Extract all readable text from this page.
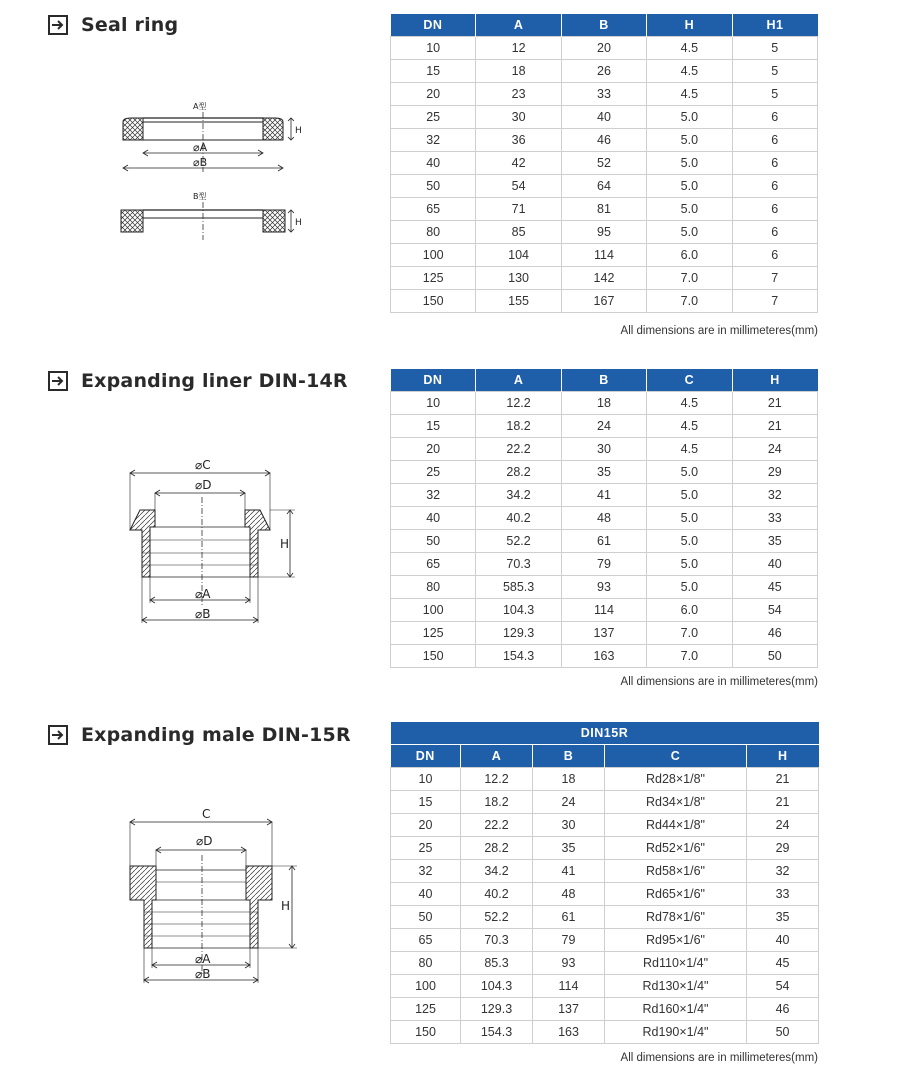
Seal ring
A型
H
⌀A
⌀B
B型
H
DN	A	B	H	H1
10	12	20	4.5	5
15	18	26	4.5	5
20	23	33	4.5	5
25	30	40	5.0	6
32	36	46	5.0	6
40	42	52	5.0	6
50	54	64	5.0	6
65	71	81	5.0	6
80	85	95	5.0	6
100	104	114	6.0	6
125	130	142	7.0	7
150	155	167	7.0	7
All dimensions are in millimeteres(mm)
Expanding liner DIN-14R
⌀C
⌀D
H
⌀A
⌀B
DN	A	B	C	H
10	12.2	18	4.5	21
15	18.2	24	4.5	21
20	22.2	30	4.5	24
25	28.2	35	5.0	29
32	34.2	41	5.0	32
40	40.2	48	5.0	33
50	52.2	61	5.0	35
65	70.3	79	5.0	40
80	585.3	93	5.0	45
100	104.3	114	6.0	54
125	129.3	137	7.0	46
150	154.3	163	7.0	50
All dimensions are in millimeteres(mm)
Expanding male DIN-15R
C
⌀D
H
⌀A
⌀B
DIN15R				
DN	A	B	C	H
10	12.2	18	Rd28×1/8"	21
15	18.2	24	Rd34×1/8"	21
20	22.2	30	Rd44×1/8"	24
25	28.2	35	Rd52×1/6"	29
32	34.2	41	Rd58×1/6"	32
40	40.2	48	Rd65×1/6"	33
50	52.2	61	Rd78×1/6"	35
65	70.3	79	Rd95×1/6"	40
80	85.3	93	Rd110×1/4"	45
100	104.3	114	Rd130×1/4"	54
125	129.3	137	Rd160×1/4"	46
150	154.3	163	Rd190×1/4"	50
All dimensions are in millimeteres(mm)
